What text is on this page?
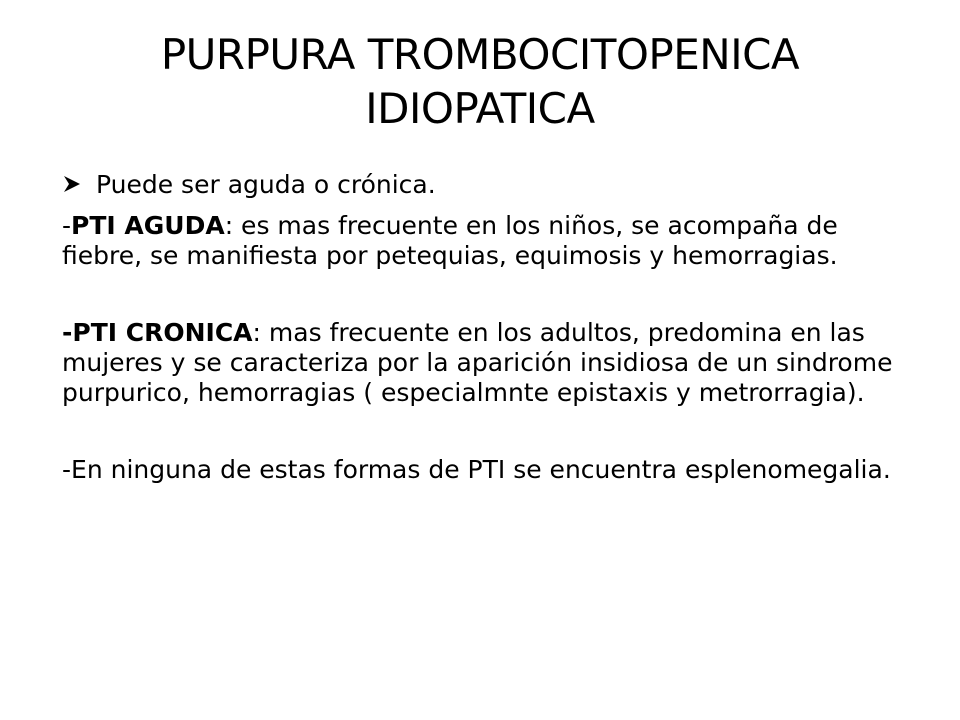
PURPURA TROMBOCITOPENICA
IDIOPATICA
Puede ser aguda o crónica.

-PTI AGUDA: es mas frecuente en los niños, se acompaña de fiebre, se manifiesta por petequias, equimosis y hemorragias.

-PTI CRONICA: mas frecuente en los adultos, predomina en las mujeres y se caracteriza por la aparición insidiosa de un sindrome purpurico, hemorragias ( especialmnte epistaxis y metrorragia).

-En ninguna de estas formas de PTI se encuentra esplenomegalia.
